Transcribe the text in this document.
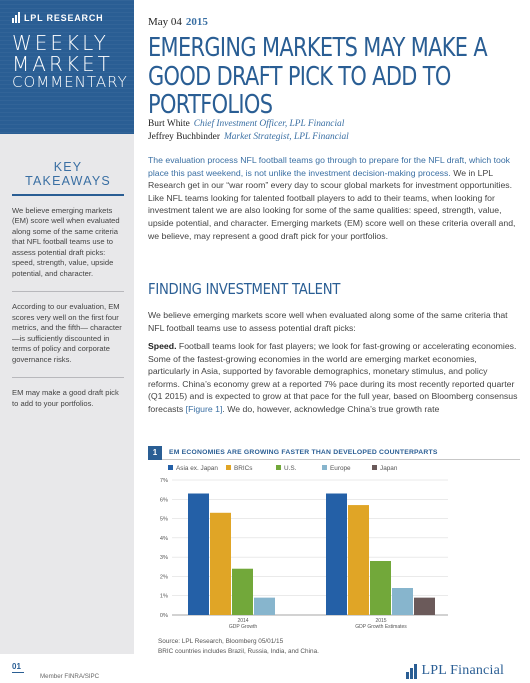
LPL RESEARCH
WEEKLY
MARKET
COMMENTARY
KEY TAKEAWAYS
We believe emerging markets (EM) score well when evaluated along some of the same criteria that NFL football teams use to assess potential draft picks: speed, strength, value, upside potential, and character.
According to our evaluation, EM scores very well on the first four metrics, and the fifth— character—is sufficiently discounted in terms of policy and corporate governance risks.
EM may make a good draft pick to add to your portfolios.
May 04 2015
EMERGING MARKETS MAY MAKE A GOOD DRAFT PICK TO ADD TO PORTFOLIOS
Burt White Chief Investment Officer, LPL Financial
Jeffrey Buchbinder Market Strategist, LPL Financial

The evaluation process NFL football teams go through to prepare for the NFL draft, which took place this past weekend, is not unlike the investment decision-making process. We in LPL Research get in our “war room” every day to scour global markets for investment opportunities. Like NFL teams looking for talented football players to add to their teams, when looking for investment talent we are also looking for some of the same qualities: speed, strength, value, upside potential, and character. Emerging markets (EM) score well on these criteria overall and, we believe, may represent a good draft pick for your portfolios.

FINDING INVESTMENT TALENT

We believe emerging markets score well when evaluated along some of the same criteria that NFL football teams use to assess potential draft picks:

Speed. Football teams look for fast players; we look for fast-growing or accelerating economies. Some of the fastest-growing economies in the world are emerging market economies, particularly in Asia, supported by favorable demographics, monetary stimulus, and policy reforms. China’s economy grew at a reported 7% pace during its most recently reported quarter (Q1 2015) and is expected to grow at that pace for the full year, based on Bloomberg consensus forecasts [Figure 1]. We do, however, acknowledge China’s true growth rate

1	EM ECONOMIES ARE GROWING FASTER THAN DEVELOPED COUNTERPARTS
Asia ex. Japan	BRICs	U.S.	Europe	Japan
0%
1%
2%
3%
4%
5%
6%
7%
2014
GDP Growth
2015
GDP Growth Estimates
Source: LPL Research, Bloomberg 05/01/15
BRIC countries includes Brazil, Russia, India, and China.
01
Member FINRA/SIPC	LPL Financial
